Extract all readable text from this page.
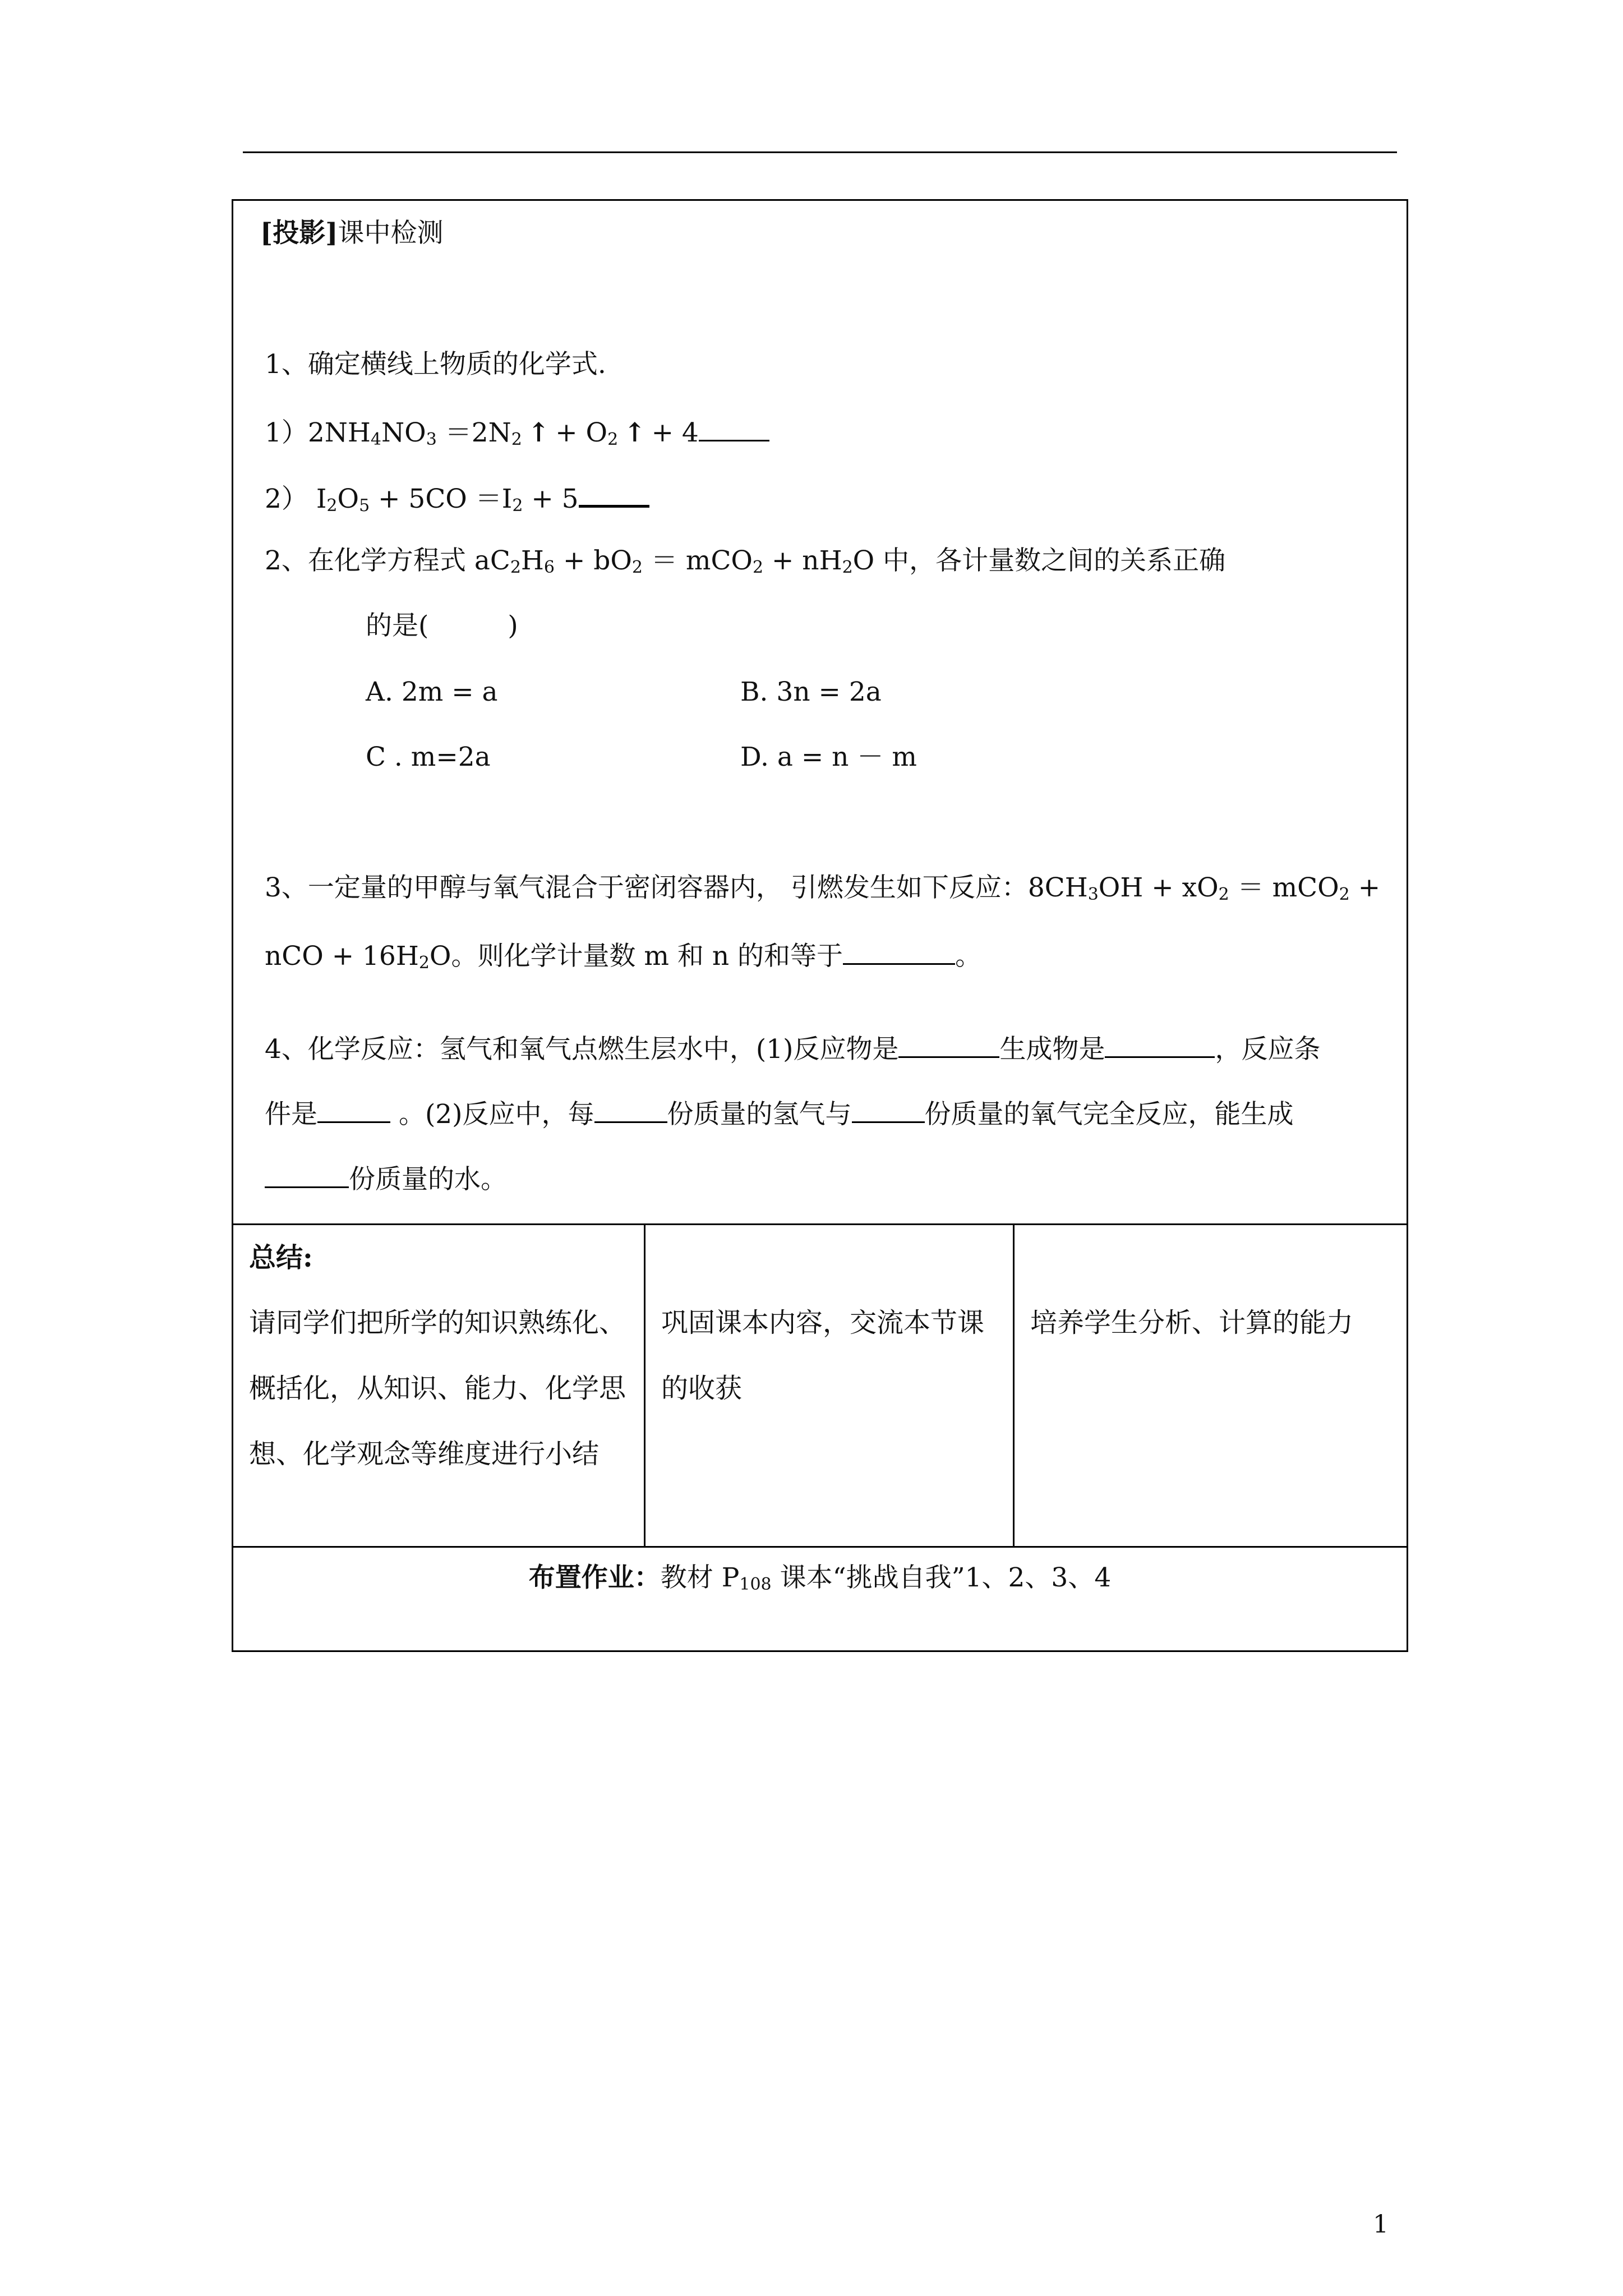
[投影]课中检测
1、确定横线上物质的化学式.
$1)2NH_4NO_3 =2N_2$ ↑ + $O_2$ ↑ + 4
2） $I_2O_5 + 5CO =I_2 + 5$
2、在化学方程式 $aC_2H_6 + bO_2 = mCO_2 + nH_2O$ 中，各计量数之间的关系正确
的是(　　　)
A. 2m = a	B. 3n = 2a
C . m=2a	D. a = n － m
3、一定量的甲醇与氧气混合于密闭容器内， 引燃发生如下反应：$8CH_3OH + xO_2 = mCO_2$ +
nCO + $16H_2O$。则化学计量数 m 和 n 的和等于	。
4、化学反应：氢气和氧气点燃生层水中，(1)反应物是	生成物是	，反应条
件是	。(2)反应中，每	份质量的氢气与	份质量的氧气完全反应，能生成
份质量的水。

总结:
请同学们把所学的知识熟练化、概括化，从知识、能力、化学思想、化学观念等维度进行小结

巩固课本内容，交流本节课的收获

培养学生分析、计算的能力

布置作业：教材 $P_{108}$ 课本“挑战自我”1、2、3、4
1
